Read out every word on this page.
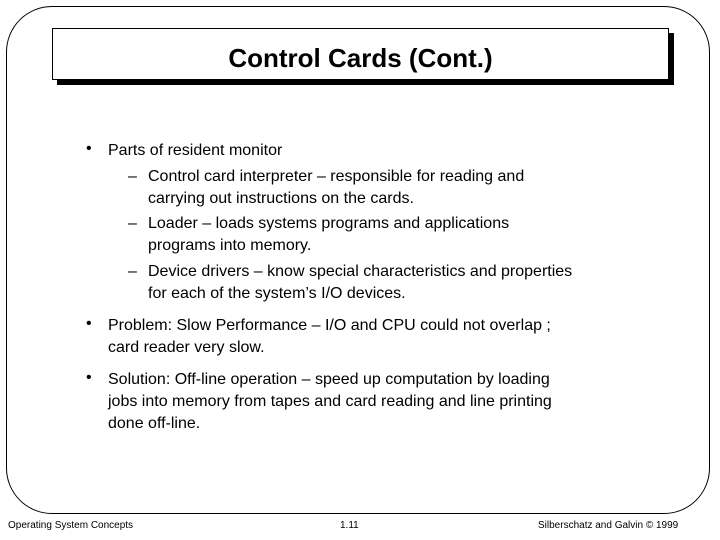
Control Cards (Cont.)
• Parts of resident monitor
– Control card interpreter – responsible for reading and
carrying out instructions on the cards.
– Loader – loads systems programs and applications
programs into memory.
– Device drivers – know special characteristics and properties
for each of the system’s I/O devices.
• Problem: Slow Performance – I/O and CPU could not overlap ;
card reader very slow.
• Solution: Off-line operation – speed up computation by loading
jobs into memory from tapes and card reading and line printing
done off-line.
Operating System Concepts	1.11	Silberschatz and Galvin © 1999
